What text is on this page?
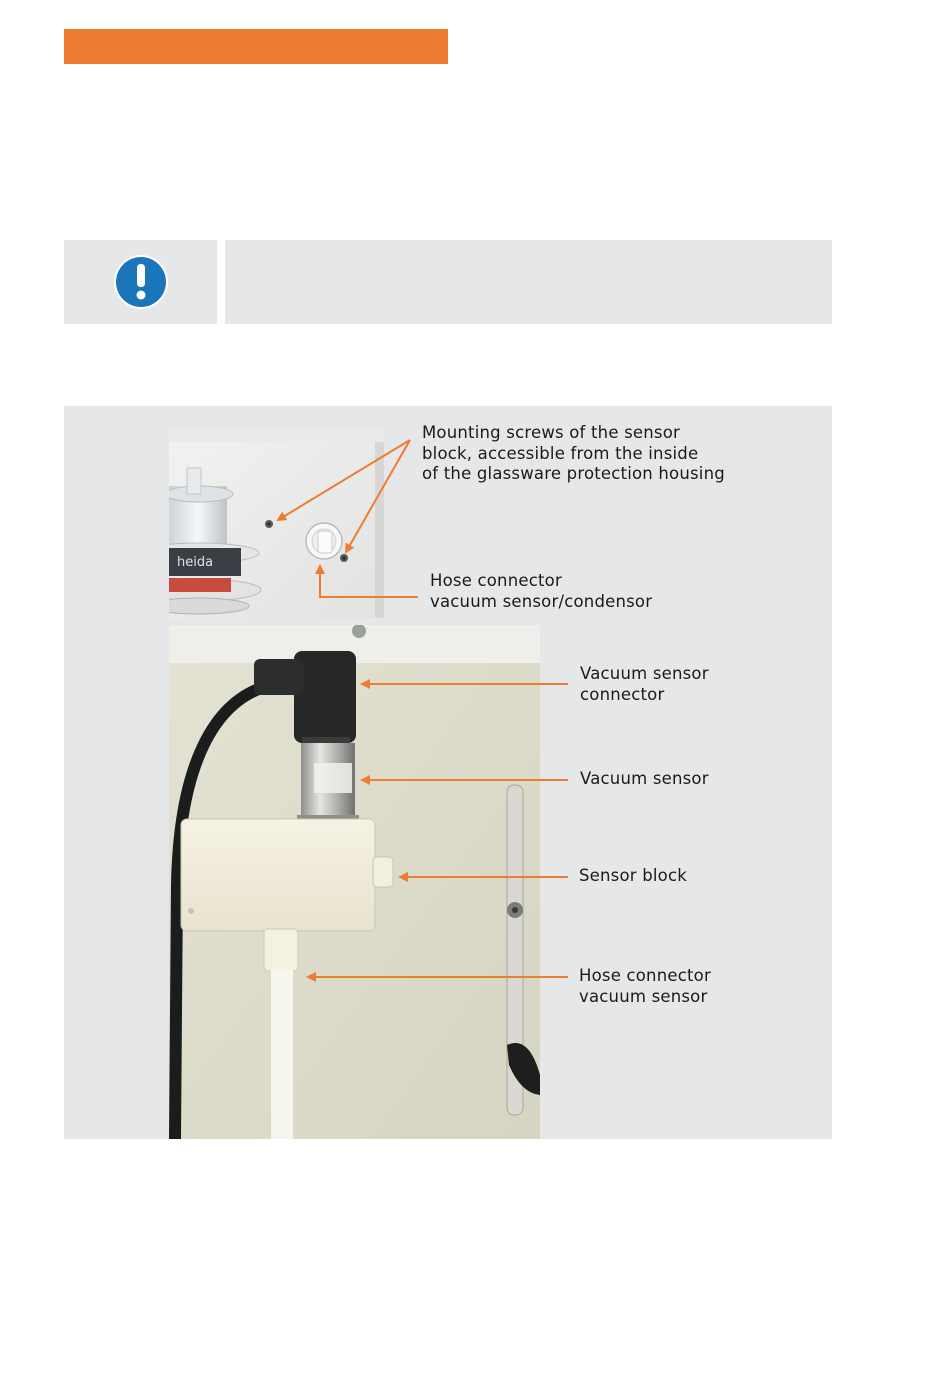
heida
Mounting screws of the sensor
block, accessible from the inside
of the glassware protection housing
Hose connector
vacuum sensor/condensor
Vacuum sensor
connector
Vacuum sensor
Sensor block
Hose connector
vacuum sensor
